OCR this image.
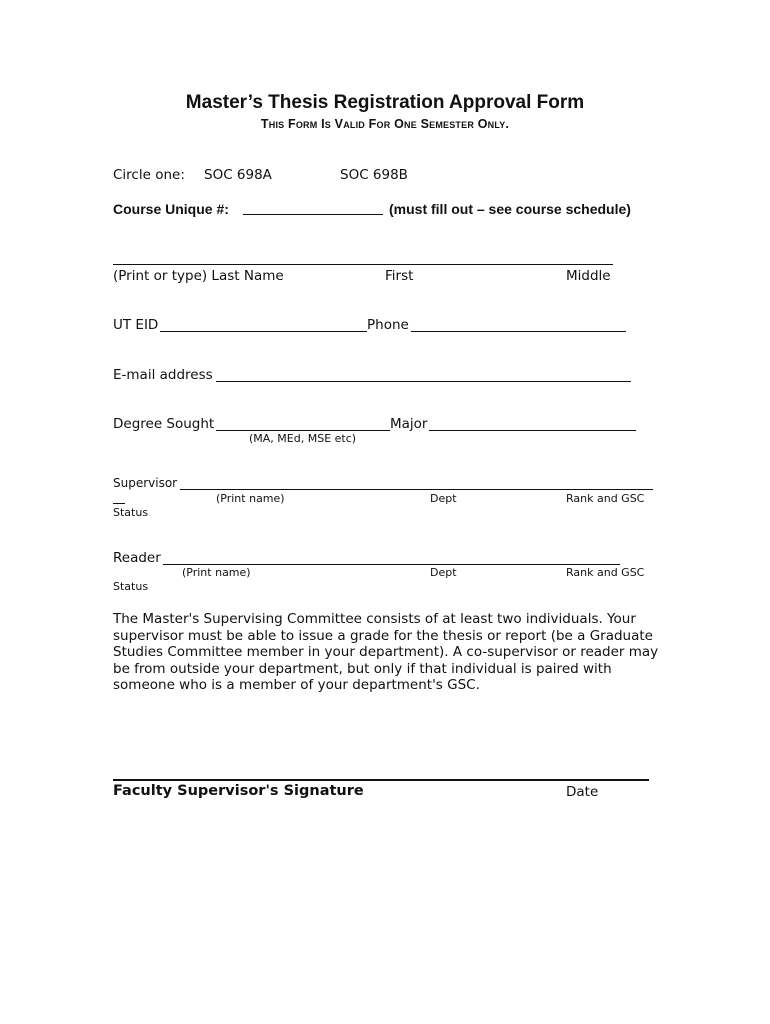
Master’s Thesis Registration Approval Form
This Form Is Valid For One Semester Only.
Circle one: SOC 698A	SOC 698B
Course Unique #:	(must fill out – see course schedule)
(Print or type) Last Name	First	Middle
UT EID	Phone
E-mail address
Degree Sought	Major
(MA, MEd, MSE etc)
Supervisor
(Print name)	Dept	Rank and GSC
Status
Reader
(Print name)	Dept	Rank and GSC
Status
The Master's Supervising Committee consists of at least two individuals. Your supervisor must be able to issue a grade for the thesis or report (be a Graduate Studies Committee member in your department). A co-supervisor or reader may be from outside your department, but only if that individual is paired with someone who is a member of your department's GSC.
Faculty Supervisor's Signature	Date
